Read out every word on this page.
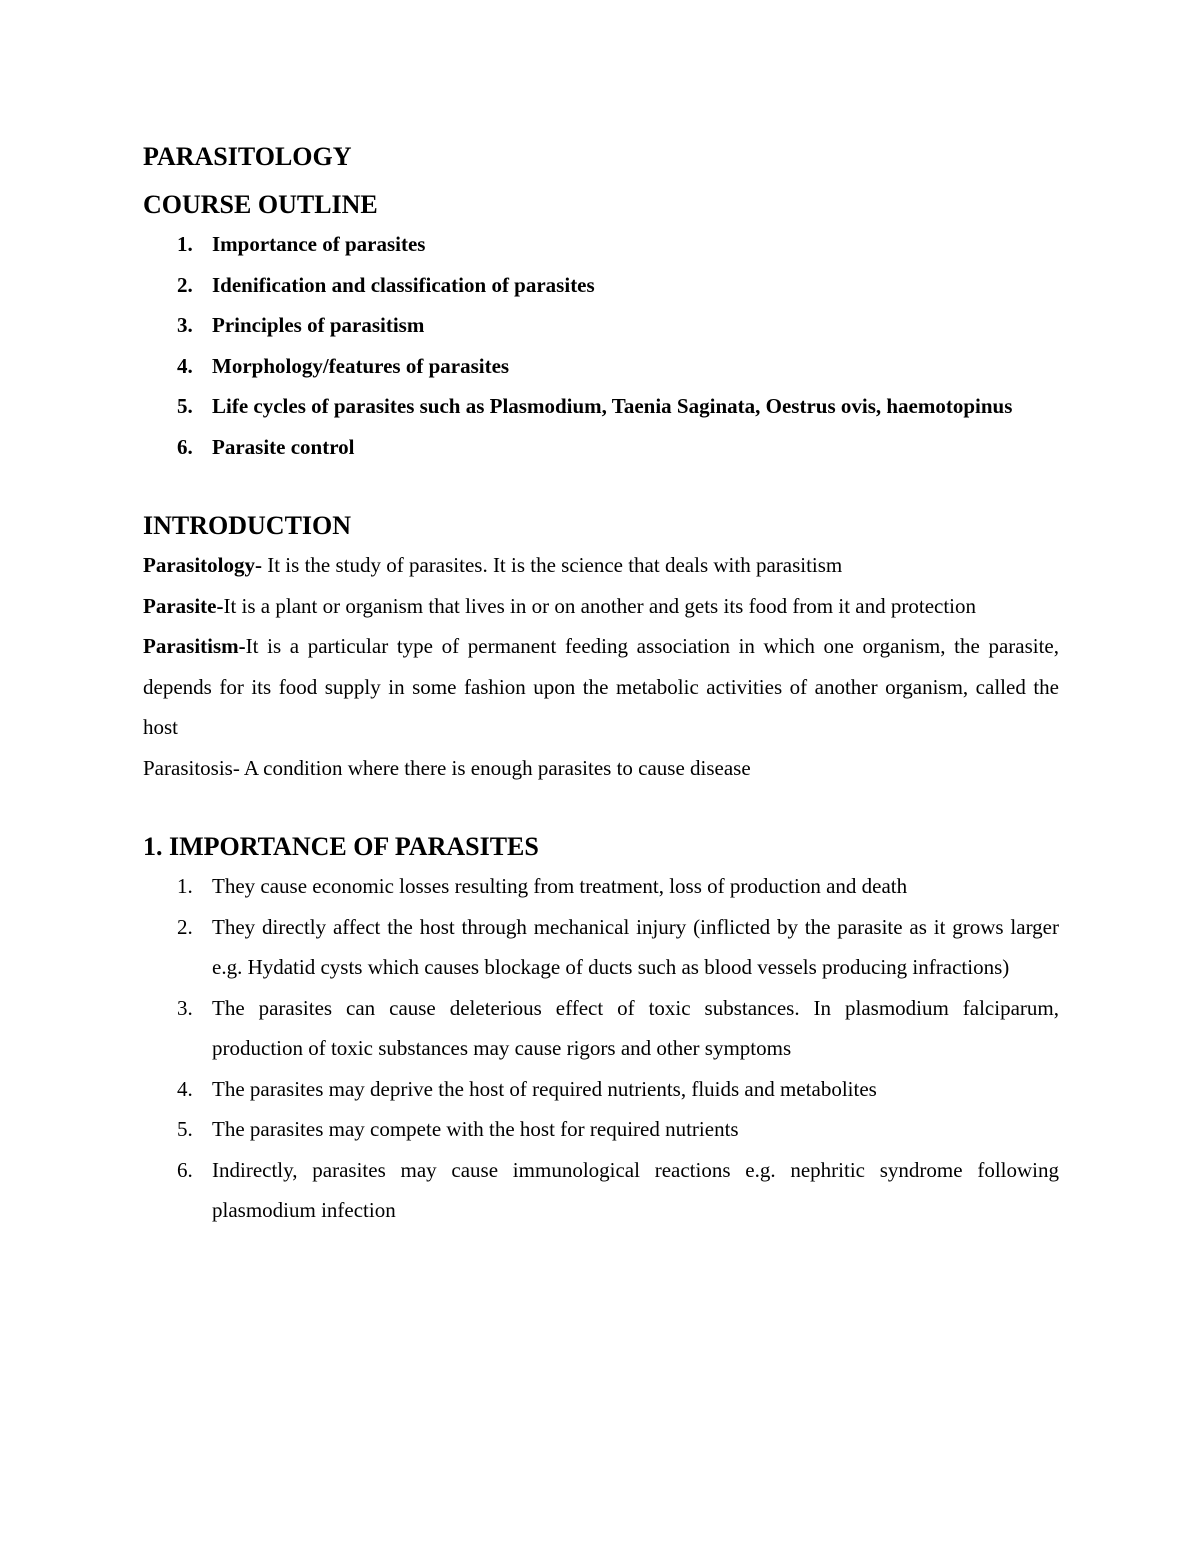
PARASITOLOGY
COURSE OUTLINE
1. Importance of parasites
2. Idenification and classification of parasites
3. Principles of parasitism
4. Morphology/features of parasites
5. Life cycles of parasites such as Plasmodium, Taenia Saginata, Oestrus ovis, haemotopinus
6. Parasite control
INTRODUCTION

Parasitology- It is the study of parasites. It is the science that deals with parasitism

Parasite-It is a plant or organism that lives in or on another and gets its food from it and protection

Parasitism-It is a particular type of permanent feeding association in which one organism, the parasite, depends for its food supply in some fashion upon the metabolic activities of another organism, called the host

Parasitosis- A condition where there is enough parasites to cause disease

1. IMPORTANCE OF PARASITES
1. They cause economic losses resulting from treatment, loss of production and death
2. They directly affect the host through mechanical injury (inflicted by the parasite as it grows larger e.g. Hydatid cysts which causes blockage of ducts such as blood vessels producing infractions)
3. The parasites can cause deleterious effect of toxic substances. In plasmodium falciparum, production of toxic substances may cause rigors and other symptoms
4. The parasites may deprive the host of required nutrients, fluids and metabolites
5. The parasites may compete with the host for required nutrients
6. Indirectly, parasites may cause immunological reactions e.g. nephritic syndrome following plasmodium infection
